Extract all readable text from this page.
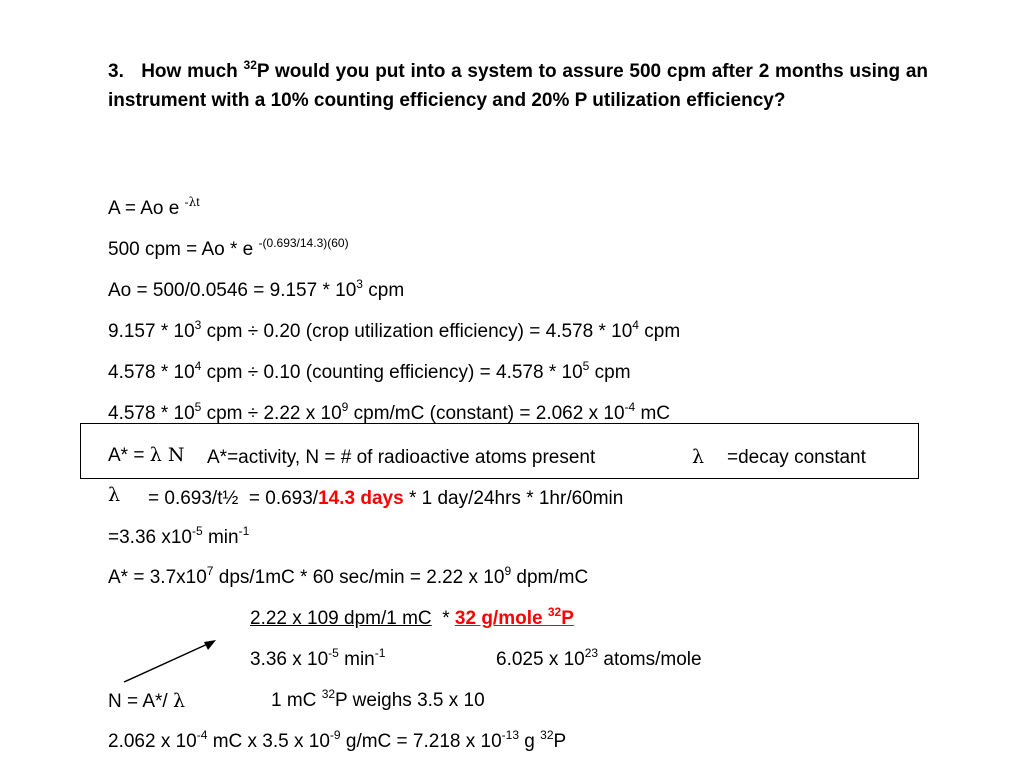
3. How much $^{32}$P would you put into a system to assure 500 cpm after 2 months using an instrument with a 10% counting efficiency and 20% P utilization efficiency?
A = Ao e $^{-\lambda t}$
500 cpm = Ao * e $^{-(0.693/14.3)(60)}$
$Ao = 500/0.0546 = 9.157 * 10^3$ cpm
$9.157 * 10^3$ cpm ÷ 0.20 (crop utilization efficiency) = $4.578 * 10^4$ cpm
$4.578 * 10^4$ cpm ÷ 0.10 (counting efficiency) = $4.578 * 10^5$ cpm
$4.578 * 10^5$ cpm ÷ 2.22 x $10^9$ cpm/mC (constant) = 2.062 x $10^{-4}$ mC
A* = λ N A*=activity, N = # of radioactive atoms present	λ =decay constant
λ = 0.693/t½ = 0.693/14.3 days * 1 day/24hrs * 1hr/60min
=3.36 $x10^{-5}$ $\min^{-1}$
$A* = 3.7x10^7$ dps/1mC * 60 sec/min = 2.22 x $10^9$ dpm/mC
2.22 x 109 dpm/1 mC * 32 g/mole $^{32}$P
3.36 x $10^{-5}$ $\min^{-1}$	6.025 x $10^{23}$ atoms/mole
N = A*/ λ	1 mC $^{32}$P weighs 3.5 x 10
2.062 x $10^{-4}$ mC x 3.5 x $10^{-9}$ g/mC = 7.218 x $10^{-13}$ g $^{32}$P
